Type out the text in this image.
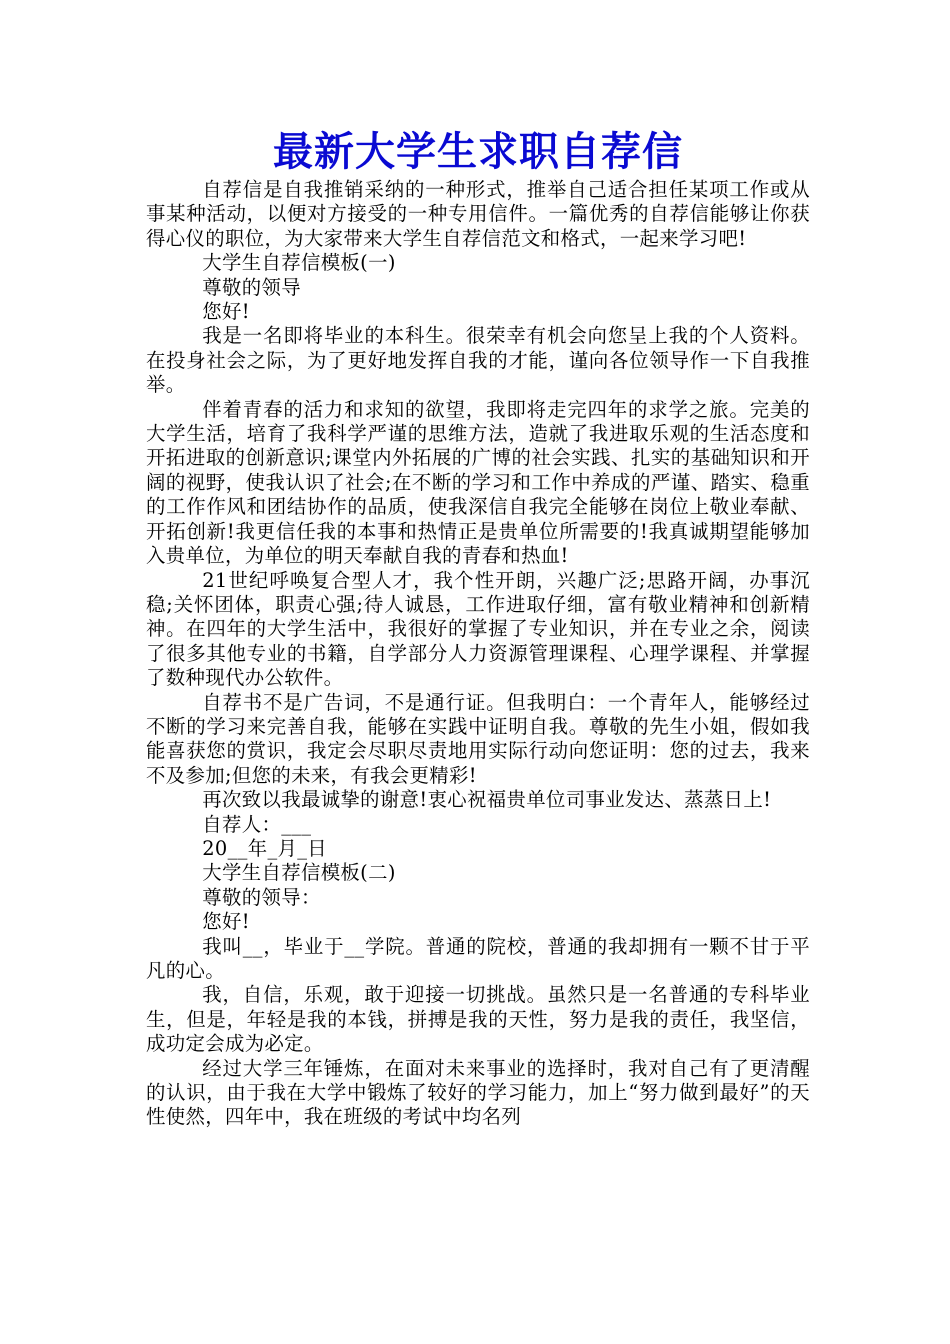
最新大学生求职自荐信

自荐信是自我推销采纳的一种形式，推举自己适合担任某项工作或从事某种活动，以便对方接受的一种专用信件。一篇优秀的自荐信能够让你获得心仪的职位，为大家带来大学生自荐信范文和格式，一起来学习吧!

大学生自荐信模板(一)

尊敬的领导

您好!

我是一名即将毕业的本科生。很荣幸有机会向您呈上我的个人资料。在投身社会之际，为了更好地发挥自我的才能，谨向各位领导作一下自我推举。

伴着青春的活力和求知的欲望，我即将走完四年的求学之旅。完美的大学生活，培育了我科学严谨的思维方法，造就了我进取乐观的生活态度和开拓进取的创新意识;课堂内外拓展的广博的社会实践、扎实的基础知识和开阔的视野，使我认识了社会;在不断的学习和工作中养成的严谨、踏实、稳重的工作作风和团结协作的品质，使我深信自我完全能够在岗位上敬业奉献、开拓创新!我更信任我的本事和热情正是贵单位所需要的!我真诚期望能够加入贵单位，为单位的明天奉献自我的青春和热血!

21世纪呼唤复合型人才，我个性开朗，兴趣广泛;思路开阔，办事沉稳;关怀团体，职责心强;待人诚恳，工作进取仔细，富有敬业精神和创新精神。在四年的大学生活中，我很好的掌握了专业知识，并在专业之余，阅读了很多其他专业的书籍，自学部分人力资源管理课程、心理学课程、并掌握了数种现代办公软件。

自荐书不是广告词，不是通行证。但我明白：一个青年人，能够经过不断的学习来完善自我，能够在实践中证明自我。尊敬的先生小姐，假如我能喜获您的赏识，我定会尽职尽责地用实际行动向您证明：您的过去，我来不及参加;但您的未来，有我会更精彩!

再次致以我最诚挚的谢意!衷心祝福贵单位司事业发达、蒸蒸日上!

自荐人：___

20__年_月_日

大学生自荐信模板(二)

尊敬的领导：

您好!

我叫__，毕业于__学院。普通的院校，普通的我却拥有一颗不甘于平凡的心。

我，自信，乐观，敢于迎接一切挑战。虽然只是一名普通的专科毕业生，但是，年轻是我的本钱，拼搏是我的天性，努力是我的责任，我坚信，成功定会成为必定。

经过大学三年锤炼，在面对未来事业的选择时，我对自己有了更清醒的认识，由于我在大学中锻炼了较好的学习能力，加上“努力做到最好”的天性使然，四年中，我在班级的考试中均名列
